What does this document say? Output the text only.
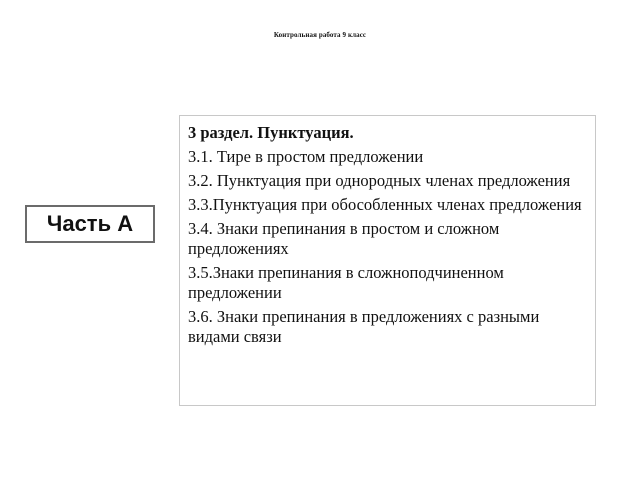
Контрольная работа 9 класс
Часть А
3 раздел. Пунктуация.
3.1. Тире в простом предложении
3.2. Пунктуация при однородных членах предложения
3.3.Пунктуация при обособленных членах предложения
3.4. Знаки препинания в простом и сложном предложениях
3.5.Знаки препинания в сложноподчиненном предложении
3.6. Знаки препинания в предложениях с разными видами связи
